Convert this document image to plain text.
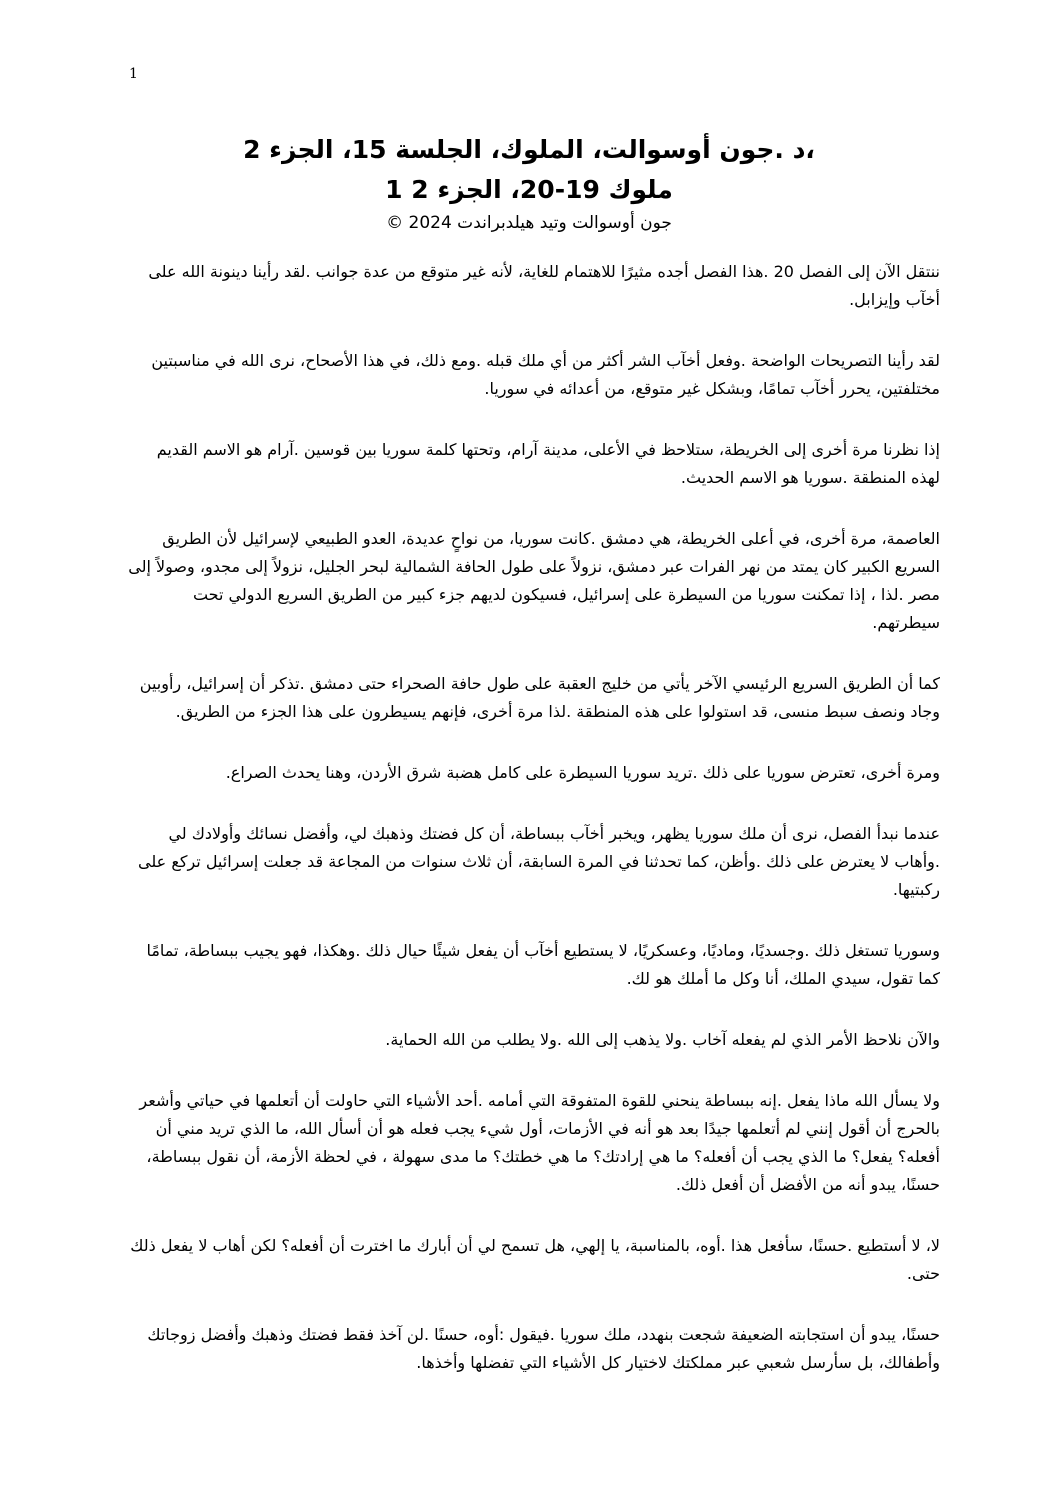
1

،د .جون أوسوالت، الملوك، الجلسة 15، الجزء 2

ملوك 19-20، الجزء 2 1

جون أوسوالت وتيد هيلدبراندت 2024 ©

ننتقل الآن إلى الفصل 20 .هذا الفصل أجده مثيرًا للاهتمام للغاية، لأنه غير متوقع من عدة جوانب .لقد رأينا دينونة الله على أخآب وإيزابل.

لقد رأينا التصريحات الواضحة .وفعل أخآب الشر أكثر من أي ملك قبله .ومع ذلك، في هذا الأصحاح، نرى الله في مناسبتين مختلفتين، يحرر أخآب تمامًا، وبشكل غير متوقع، من أعدائه في سوريا.

إذا نظرنا مرة أخرى إلى الخريطة، ستلاحظ في الأعلى، مدينة آرام، وتحتها كلمة سوريا بين قوسين .آرام هو الاسم القديم لهذه المنطقة .سوريا هو الاسم الحديث.

العاصمة، مرة أخرى، في أعلى الخريطة، هي دمشق .كانت سوريا، من نواحٍ عديدة، العدو الطبيعي لإسرائيل لأن الطريق السريع الكبير كان يمتد من نهر الفرات عبر دمشق، نزولاً على طول الحافة الشمالية لبحر الجليل، نزولاً إلى مجدو، وصولاً إلى مصر .لذا ، إذا تمكنت سوريا من السيطرة على إسرائيل، فسيكون لديهم جزء كبير من الطريق السريع الدولي تحت سيطرتهم.

كما أن الطريق السريع الرئيسي الآخر يأتي من خليج العقبة على طول حافة الصحراء حتى دمشق .تذكر أن إسرائيل، رأوبين وجاد ونصف سبط منسى، قد استولوا على هذه المنطقة .لذا مرة أخرى، فإنهم يسيطرون على هذا الجزء من الطريق.

ومرة أخرى، تعترض سوريا على ذلك .تريد سوريا السيطرة على كامل هضبة شرق الأردن، وهنا يحدث الصراع.

عندما نبدأ الفصل، نرى أن ملك سوريا يظهر، ويخبر أخآب ببساطة، أن كل فضتك وذهبك لي، وأفضل نسائك وأولادك لي .وأهاب لا يعترض على ذلك .وأظن، كما تحدثنا في المرة السابقة، أن ثلاث سنوات من المجاعة قد جعلت إسرائيل تركع على ركبتيها.

وسوريا تستغل ذلك .وجسديًا، وماديًا، وعسكريًا، لا يستطيع أخآب أن يفعل شيئًا حيال ذلك .وهكذا، فهو يجيب ببساطة، تمامًا كما تقول، سيدي الملك، أنا وكل ما أملك هو لك.

والآن نلاحظ الأمر الذي لم يفعله آخاب .ولا يذهب إلى الله .ولا يطلب من الله الحماية.

ولا يسأل الله ماذا يفعل .إنه ببساطة ينحني للقوة المتفوقة التي أمامه .أحد الأشياء التي حاولت أن أتعلمها في حياتي وأشعر بالحرج أن أقول إنني لم أتعلمها جيدًا بعد هو أنه في الأزمات، أول شيء يجب فعله هو أن أسأل الله، ما الذي تريد مني أن أفعله؟ يفعل؟ ما الذي يجب أن أفعله؟ ما هي إرادتك؟ ما هي خطتك؟ ما مدى سهولة ، في لحظة الأزمة، أن نقول ببساطة، حسنًا، يبدو أنه من الأفضل أن أفعل ذلك.

لا، لا أستطيع .حسنًا، سأفعل هذا .أوه، بالمناسبة، يا إلهي، هل تسمح لي أن أبارك ما اخترت أن أفعله؟ لكن أهاب لا يفعل ذلك حتى.

حسنًا، يبدو أن استجابته الضعيفة شجعت بنهدد، ملك سوريا .فيقول :أوه، حسنًا .لن آخذ فقط فضتك وذهبك وأفضل زوجاتك وأطفالك، بل سأرسل شعبي عبر مملكتك لاختيار كل الأشياء التي تفضلها وأخذها.
